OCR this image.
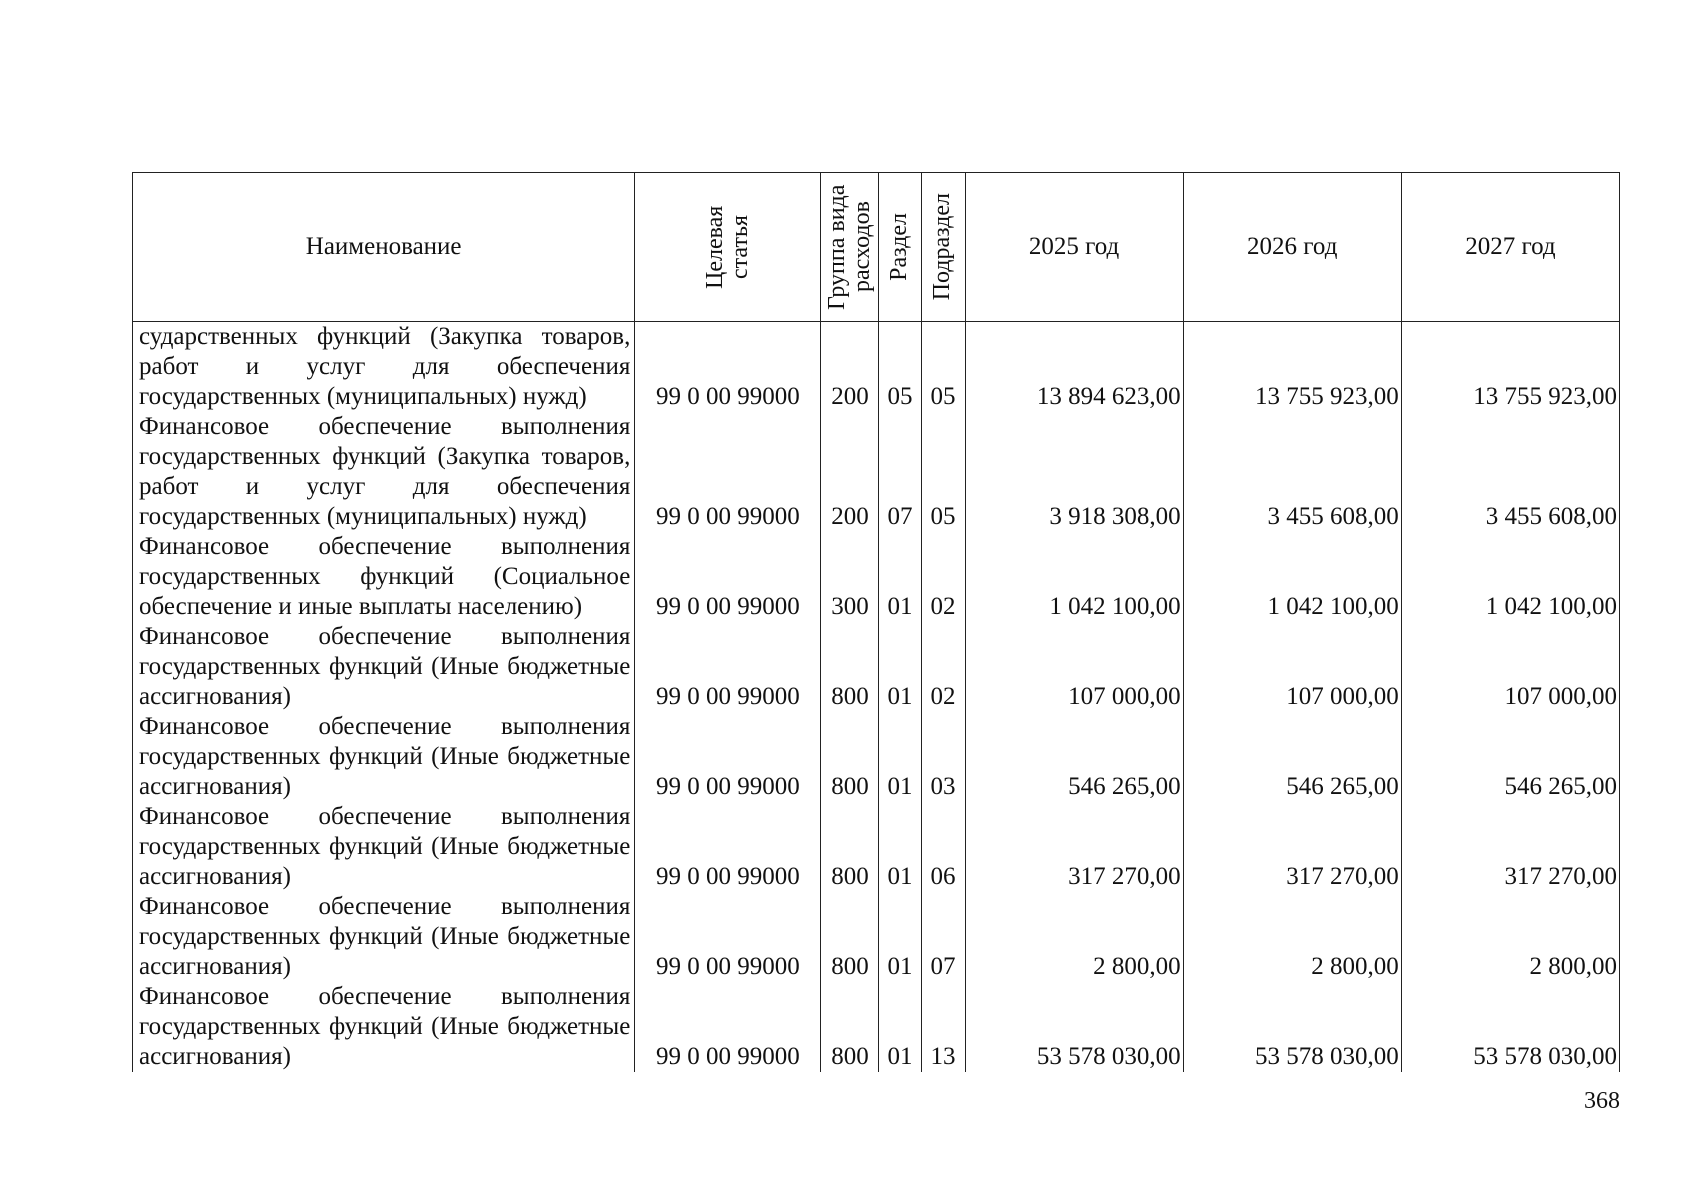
Наименование	Целевая статья	Группа вида расходов	Раздел	Подраздел	2025 год	2026 год	2027 год
сударственных функций (Закупка товаров, работ и услуг для обеспечения государственных (муниципальных) нужд)	99 0 00 99000	200	05	05	13 894 623,00	13 755 923,00	13 755 923,00
Финансовое обеспечение выполнения государственных функций (Закупка товаров, работ и услуг для обеспечения государственных (муниципальных) нужд)	99 0 00 99000	200	07	05	3 918 308,00	3 455 608,00	3 455 608,00
Финансовое обеспечение выполнения государственных функций (Социальное обеспечение и иные выплаты населению)	99 0 00 99000	300	01	02	1 042 100,00	1 042 100,00	1 042 100,00
Финансовое обеспечение выполнения государственных функций (Иные бюджетные ассигнования)	99 0 00 99000	800	01	02	107 000,00	107 000,00	107 000,00
Финансовое обеспечение выполнения государственных функций (Иные бюджетные ассигнования)	99 0 00 99000	800	01	03	546 265,00	546 265,00	546 265,00
Финансовое обеспечение выполнения государственных функций (Иные бюджетные ассигнования)	99 0 00 99000	800	01	06	317 270,00	317 270,00	317 270,00
Финансовое обеспечение выполнения государственных функций (Иные бюджетные ассигнования)	99 0 00 99000	800	01	07	2 800,00	2 800,00	2 800,00
Финансовое обеспечение выполнения государственных функций (Иные бюджетные ассигнования)	99 0 00 99000	800	01	13	53 578 030,00	53 578 030,00	53 578 030,00
368
